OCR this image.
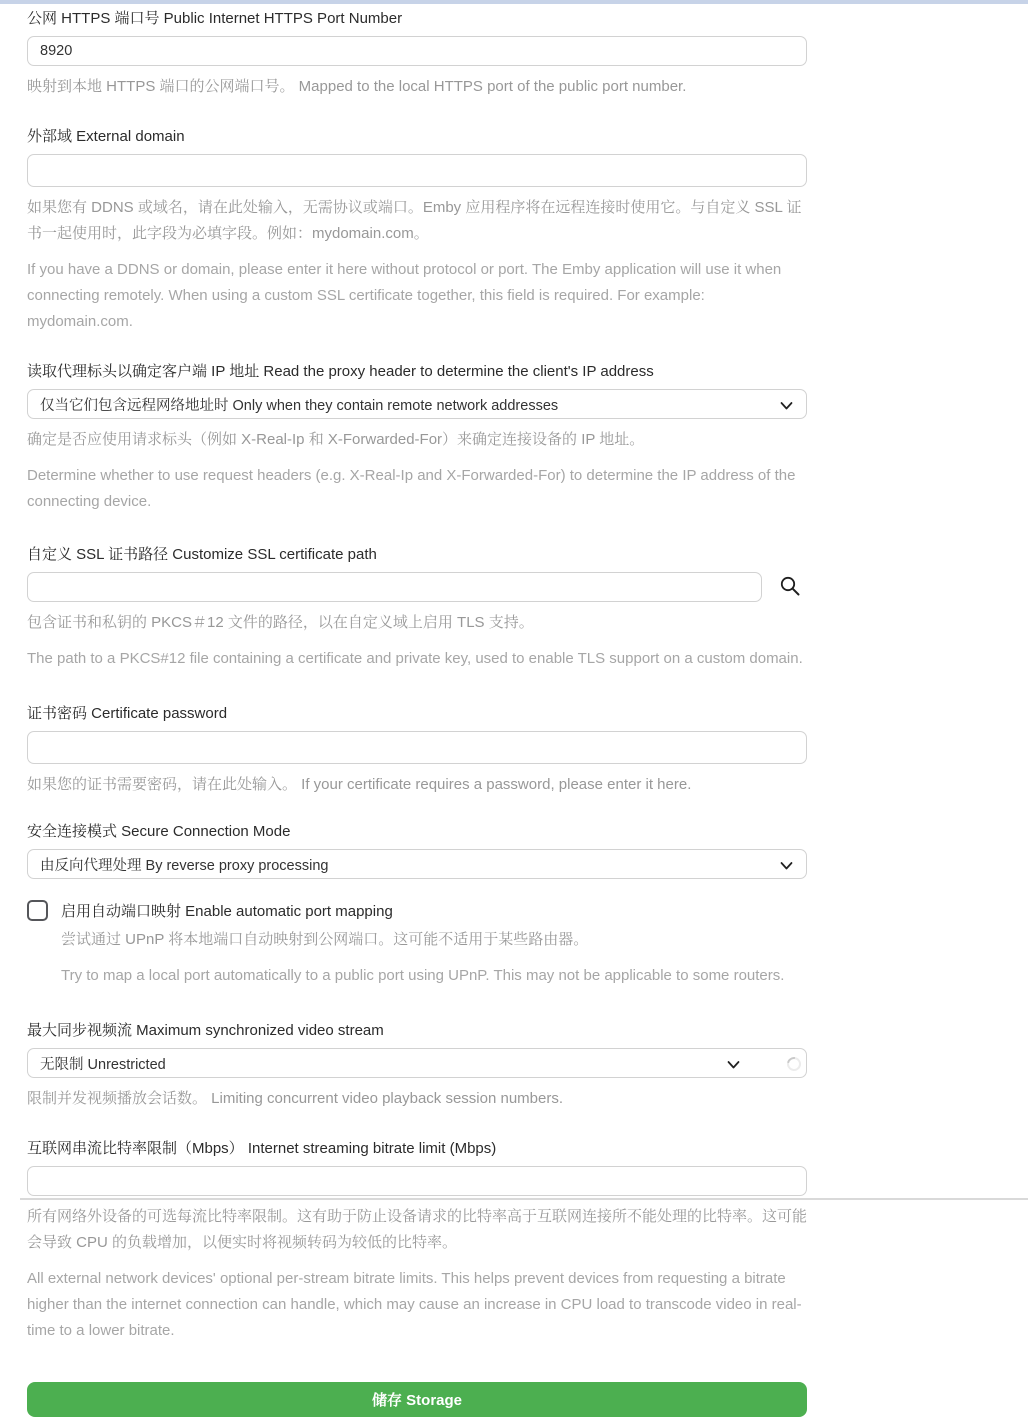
公网 HTTPS 端口号 Public Internet HTTPS Port Number
8920
映射到本地 HTTPS 端口的公网端口号。 Mapped to the local HTTPS port of the public port number.
外部域 External domain
如果您有 DDNS 或域名，请在此处输入，无需协议或端口。Emby 应用程序将在远程连接时使用它。与自定义 SSL 证书一起使用时，此字段为必填字段。例如：mydomain.com。
If you have a DDNS or domain, please enter it here without protocol or port. The Emby application will use it when connecting remotely. When using a custom SSL certificate together, this field is required. For example: mydomain.com.
读取代理标头以确定客户端 IP 地址 Read the proxy header to determine the client's IP address
仅当它们包含远程网络地址时 Only when they contain remote network addresses
确定是否应使用请求标头（例如 X-Real-Ip 和 X-Forwarded-For）来确定连接设备的 IP 地址。
Determine whether to use request headers (e.g. X-Real-Ip and X-Forwarded-For) to determine the IP address of the connecting device.
自定义 SSL 证书路径 Customize SSL certificate path
包含证书和私钥的 PKCS＃12 文件的路径，以在自定义域上启用 TLS 支持。
The path to a PKCS#12 file containing a certificate and private key, used to enable TLS support on a custom domain.
证书密码 Certificate password
如果您的证书需要密码，请在此处输入。 If your certificate requires a password, please enter it here.
安全连接模式 Secure Connection Mode
由反向代理处理 By reverse proxy processing
启用自动端口映射 Enable automatic port mapping
尝试通过 UPnP 将本地端口自动映射到公网端口。这可能不适用于某些路由器。
Try to map a local port automatically to a public port using UPnP. This may not be applicable to some routers.
最大同步视频流 Maximum synchronized video stream
无限制 Unrestricted
限制并发视频播放会话数。 Limiting concurrent video playback session numbers.
互联网串流比特率限制（Mbps） Internet streaming bitrate limit (Mbps)
所有网络外设备的可选每流比特率限制。这有助于防止设备请求的比特率高于互联网连接所不能处理的比特率。这可能会导致 CPU 的负载增加，以便实时将视频转码为较低的比特率。
All external network devices' optional per-stream bitrate limits. This helps prevent devices from requesting a bitrate higher than the internet connection can handle, which may cause an increase in CPU load to transcode video in real-time to a lower bitrate.
储存 Storage
